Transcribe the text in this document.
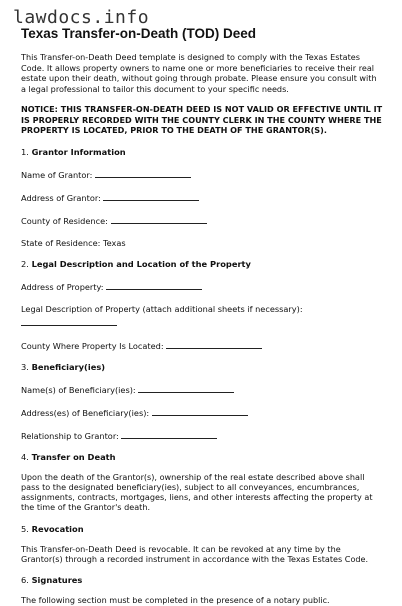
lawdocs.info
Texas Transfer-on-Death (TOD) Deed

This Transfer-on-Death Deed template is designed to comply with the Texas Estates Code. It allows property owners to name one or more beneficiaries to receive their real estate upon their death, without going through probate. Please ensure you consult with a legal professional to tailor this document to your specific needs.

NOTICE: THIS TRANSFER-ON-DEATH DEED IS NOT VALID OR EFFECTIVE UNTIL IT IS PROPERLY RECORDED WITH THE COUNTY CLERK IN THE COUNTY WHERE THE PROPERTY IS LOCATED, PRIOR TO THE DEATH OF THE GRANTOR(S).

1. Grantor Information

Name of Grantor:

Address of Grantor:

County of Residence:

State of Residence: Texas

2. Legal Description and Location of the Property

Address of Property:

Legal Description of Property (attach additional sheets if necessary):

County Where Property Is Located:

3. Beneficiary(ies)

Name(s) of Beneficiary(ies):

Address(es) of Beneficiary(ies):

Relationship to Grantor:

4. Transfer on Death

Upon the death of the Grantor(s), ownership of the real estate described above shall pass to the designated beneficiary(ies), subject to all conveyances, encumbrances, assignments, contracts, mortgages, liens, and other interests affecting the property at the time of the Grantor's death.

5. Revocation

This Transfer-on-Death Deed is revocable. It can be revoked at any time by the Grantor(s) through a recorded instrument in accordance with the Texas Estates Code.

6. Signatures

The following section must be completed in the presence of a notary public.
